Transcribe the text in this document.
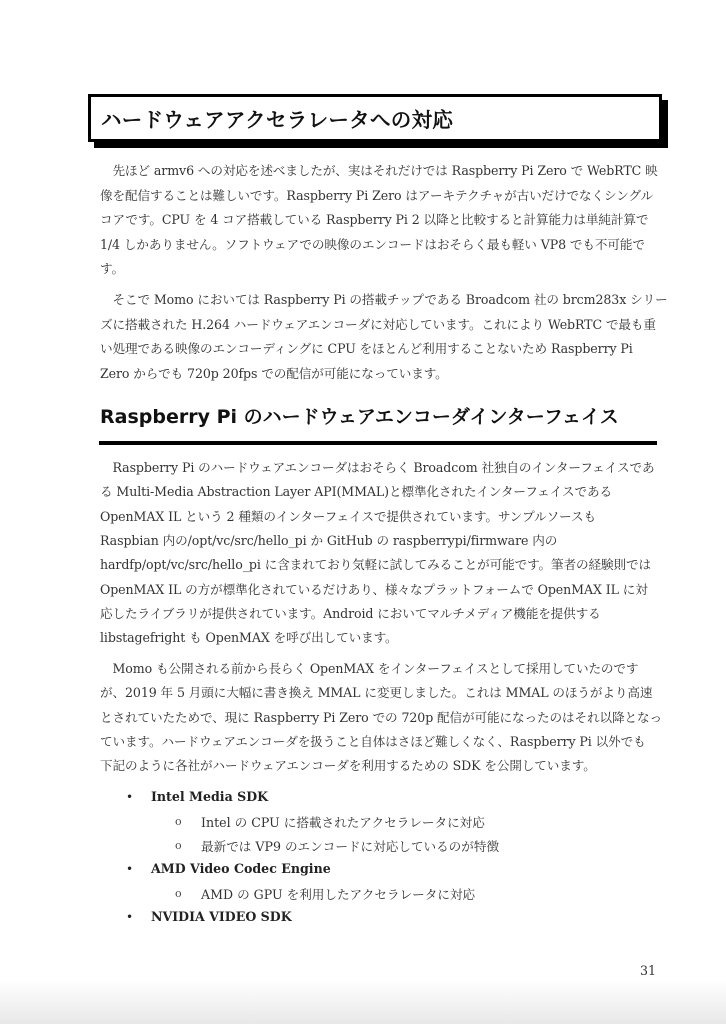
ハードウェアアクセラレータへの対応
　先ほど armv6 への対応を述べましたが、実はそれだけでは Raspberry Pi Zero で WebRTC 映
像を配信することは難しいです。Raspberry Pi Zero はアーキテクチャが古いだけでなくシングル
コアです。CPU を 4 コア搭載している Raspberry Pi 2 以降と比較すると計算能力は単純計算で
1/4 しかありません。ソフトウェアでの映像のエンコードはおそらく最も軽い VP8 でも不可能で
す。
　そこで Momo においては Raspberry Pi の搭載チップである Broadcom 社の brcm283x シリー
ズに搭載された H.264 ハードウェアエンコーダに対応しています。これにより WebRTC で最も重
い処理である映像のエンコーディングに CPU をほとんど利用することないため Raspberry Pi
Zero からでも 720p 20fps での配信が可能になっています。
Raspberry Pi のハードウェアエンコーダインターフェイス
　Raspberry Pi のハードウェアエンコーダはおそらく Broadcom 社独自のインターフェイスであ
る Multi-Media Abstraction Layer API(MMAL)と標準化されたインターフェイスである
OpenMAX IL という 2 種類のインターフェイスで提供されています。サンプルソースも
Raspbian 内の/opt/vc/src/hello_pi か GitHub の raspberrypi/firmware 内の
hardfp/opt/vc/src/hello_pi に含まれており気軽に試してみることが可能です。筆者の経験則では
OpenMAX IL の方が標準化されているだけあり、様々なプラットフォームで OpenMAX IL に対
応したライブラリが提供されています。Android においてマルチメディア機能を提供する
libstagefright も OpenMAX を呼び出しています。
　Momo も公開される前から長らく OpenMAX をインターフェイスとして採用していたのです
が、2019 年 5 月頭に大幅に書き換え MMAL に変更しました。これは MMAL のほうがより高速
とされていたためで、現に Raspberry Pi Zero での 720p 配信が可能になったのはそれ以降となっ
ています。ハードウェアエンコーダを扱うこと自体はさほど難しくなく、Raspberry Pi 以外でも
下記のように各社がハードウェアエンコーダを利用するための SDK を公開しています。
• Intel Media SDK
o Intel の CPU に搭載されたアクセラレータに対応
o 最新では VP9 のエンコードに対応しているのが特徴
• AMD Video Codec Engine
o AMD の GPU を利用したアクセラレータに対応
• NVIDIA VIDEO SDK
31
